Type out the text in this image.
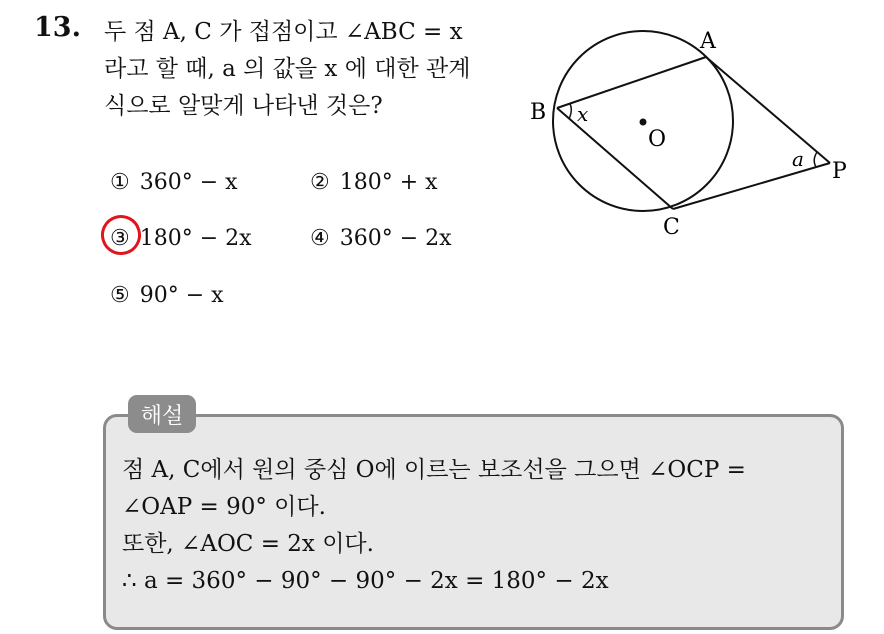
13. 두 점 A, C 가 접점이고 ∠ABC = x
라고 할 때, a 의 값을 x 에 대한 관계
식으로 알맞게 나타낸 것은?
① 360° − x	② 180° + x
③ 180° − 2x	④ 360° − 2x
⑤ 90° − x
A
B
C
O
P
x
a
해설
점 A, C에서 원의 중심 O에 이르는 보조선을 그으면 ∠OCP =
∠OAP = 90° 이다.
또한, ∠AOC = 2x 이다.
∴ a = 360° − 90° − 90° − 2x = 180° − 2x
